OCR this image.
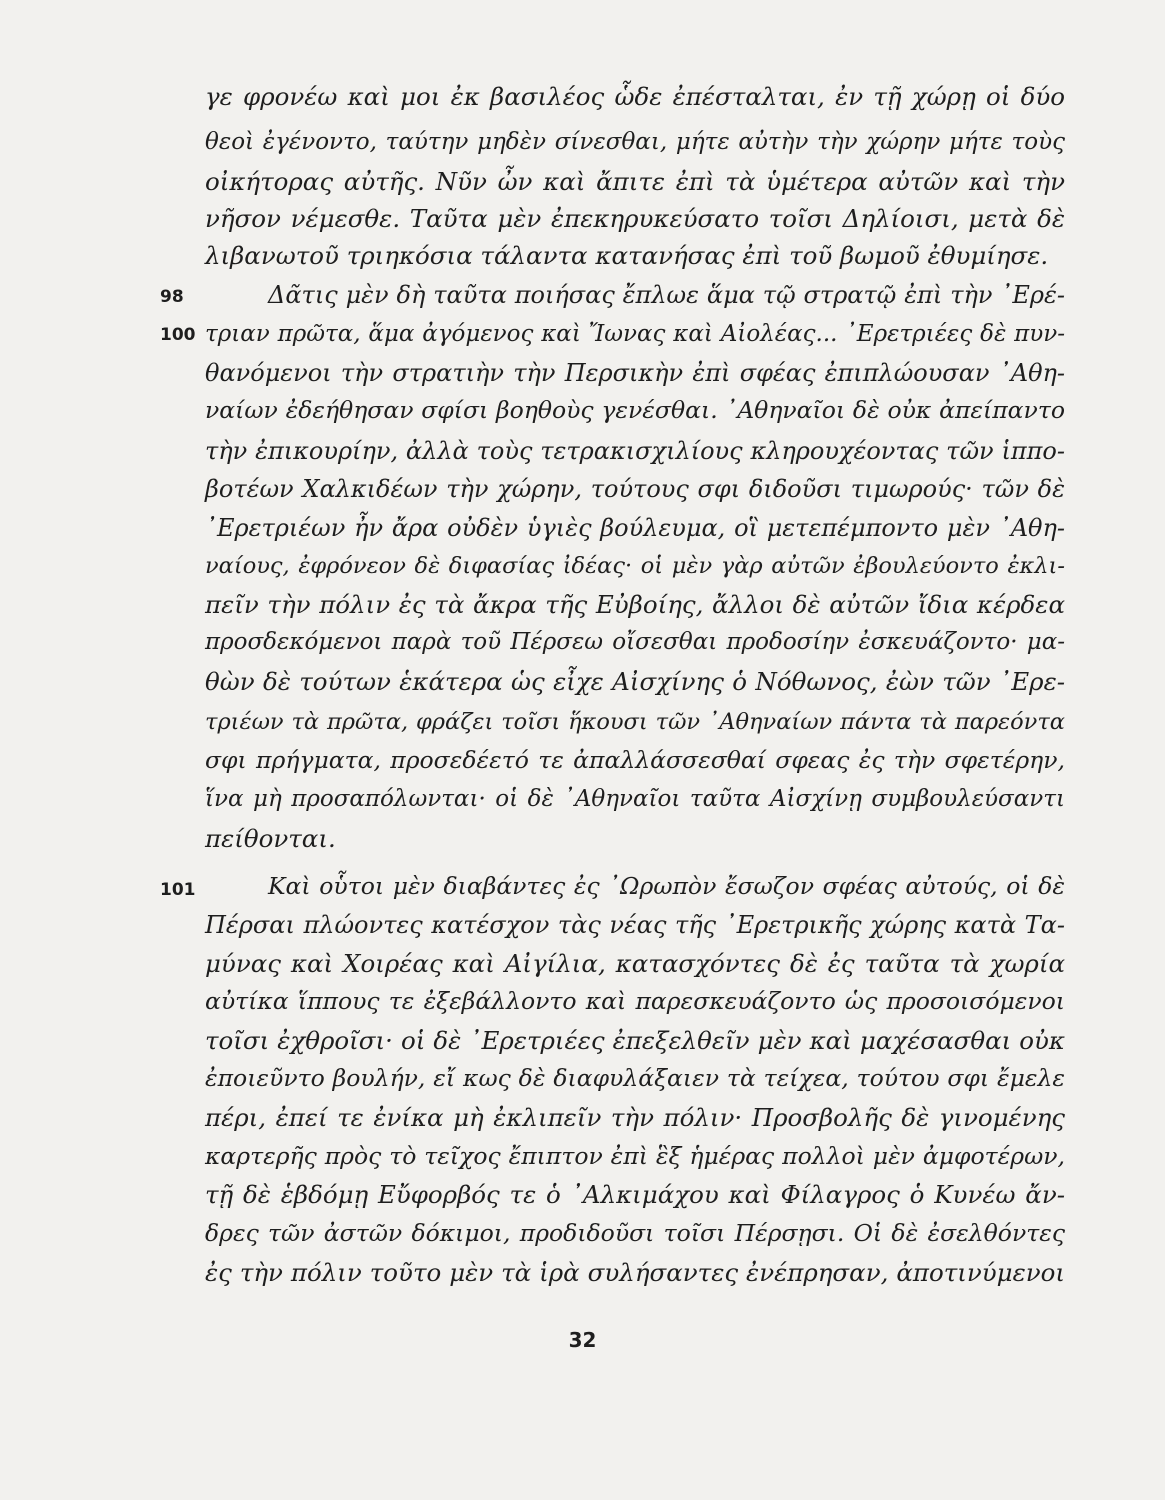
γε φρονέω καὶ μοι ἐκ βασιλέος ὧδε ἐπέσταλται, ἐν τῇ χώρῃ οἱ δύο
θεοὶ ἐγένοντο, ταύτην μηδὲν σίνεσθαι, μήτε αὐτὴν τὴν χώρην μήτε τοὺς
οἰκήτορας αὐτῆς. Νῦν ὦν καὶ ἄπιτε ἐπὶ τὰ ὑμέτερα αὐτῶν καὶ τὴν
νῆσον νέμεσθε. Ταῦτα μὲν ἐπεκηρυκεύσατο τοῖσι Δηλίοισι, μετὰ δὲ
λιβανωτοῦ τριηκόσια τάλαντα κατανήσας ἐπὶ τοῦ βωμοῦ ἐθυμίησε.
98	Δᾶτις μὲν δὴ ταῦτα ποιήσας ἔπλωε ἅμα τῷ στρατῷ ἐπὶ τὴν ᾿Ερέ-
100 τριαν πρῶτα, ἅμα ἀγόμενος καὶ Ἴωνας καὶ Αἰολέας... ᾿Ερετριέες δὲ πυν-
θανόμενοι τὴν στρατιὴν τὴν Περσικὴν ἐπὶ σφέας ἐπιπλώουσαν ᾿Αθη-
ναίων ἐδεήθησαν σφίσι βοηθοὺς γενέσθαι. ᾿Αθηναῖοι δὲ οὐκ ἀπείπαντο
τὴν ἐπικουρίην, ἀλλὰ τοὺς τετρακισχιλίους κληρουχέοντας τῶν ἱππο-
βοτέων Χαλκιδέων τὴν χώρην, τούτους σφι διδοῦσι τιμωρούς· τῶν δὲ
᾿Ερετριέων ἦν ἄρα οὐδὲν ὑγιὲς βούλευμα, οἳ μετεπέμποντο μὲν ᾿Αθη-
ναίους, ἐφρόνεον δὲ διφασίας ἰδέας· οἱ μὲν γὰρ αὐτῶν ἐβουλεύοντο ἐκλι-
πεῖν τὴν πόλιν ἐς τὰ ἄκρα τῆς Εὐβοίης, ἄλλοι δὲ αὐτῶν ἴδια κέρδεα
προσδεκόμενοι παρὰ τοῦ Πέρσεω οἴσεσθαι προδοσίην ἐσκευάζοντο· μα-
θὼν δὲ τούτων ἑκάτερα ὡς εἶχε Αἰσχίνης ὁ Νόθωνος, ἐὼν τῶν ᾿Ερε-
τριέων τὰ πρῶτα, φράζει τοῖσι ἥκουσι τῶν ᾿Αθηναίων πάντα τὰ παρεόντα
σφι πρήγματα, προσεδέετό τε ἀπαλλάσσεσθαί σφεας ἐς τὴν σφετέρην,
ἵνα μὴ προσαπόλωνται· οἱ δὲ ᾿Αθηναῖοι ταῦτα Αἰσχίνῃ συμβουλεύσαντι
πείθονται.
101	Καὶ οὗτοι μὲν διαβάντες ἐς ᾿Ωρωπὸν ἔσωζον σφέας αὐτούς, οἱ δὲ
Πέρσαι πλώοντες κατέσχον τὰς νέας τῆς ᾿Ερετρικῆς χώρης κατὰ Τα-
μύνας καὶ Χοιρέας καὶ Αἰγίλια, κατασχόντες δὲ ἐς ταῦτα τὰ χωρία
αὐτίκα ἵππους τε ἐξεβάλλοντο καὶ παρεσκευάζοντο ὡς προσοισόμενοι
τοῖσι ἐχθροῖσι· οἱ δὲ ᾿Ερετριέες ἐπεξελθεῖν μὲν καὶ μαχέσασθαι οὐκ
ἐποιεῦντο βουλήν, εἴ κως δὲ διαφυλάξαιεν τὰ τείχεα, τούτου σφι ἔμελε
πέρι, ἐπεί τε ἐνίκα μὴ ἐκλιπεῖν τὴν πόλιν· Προσβολῆς δὲ γινομένης
καρτερῆς πρὸς τὸ τεῖχος ἔπιπτον ἐπὶ ἓξ ἡμέρας πολλοὶ μὲν ἀμφοτέρων,
τῇ δὲ ἑβδόμῃ Εὔφορβός τε ὁ ᾿Αλκιμάχου καὶ Φίλαγρος ὁ Κυνέω ἄν-
δρες τῶν ἀστῶν δόκιμοι, προδιδοῦσι τοῖσι Πέρσῃσι. Οἱ δὲ ἐσελθόντες
ἐς τὴν πόλιν τοῦτο μὲν τὰ ἱρὰ συλήσαντες ἐνέπρησαν, ἀποτινύμενοι
32
